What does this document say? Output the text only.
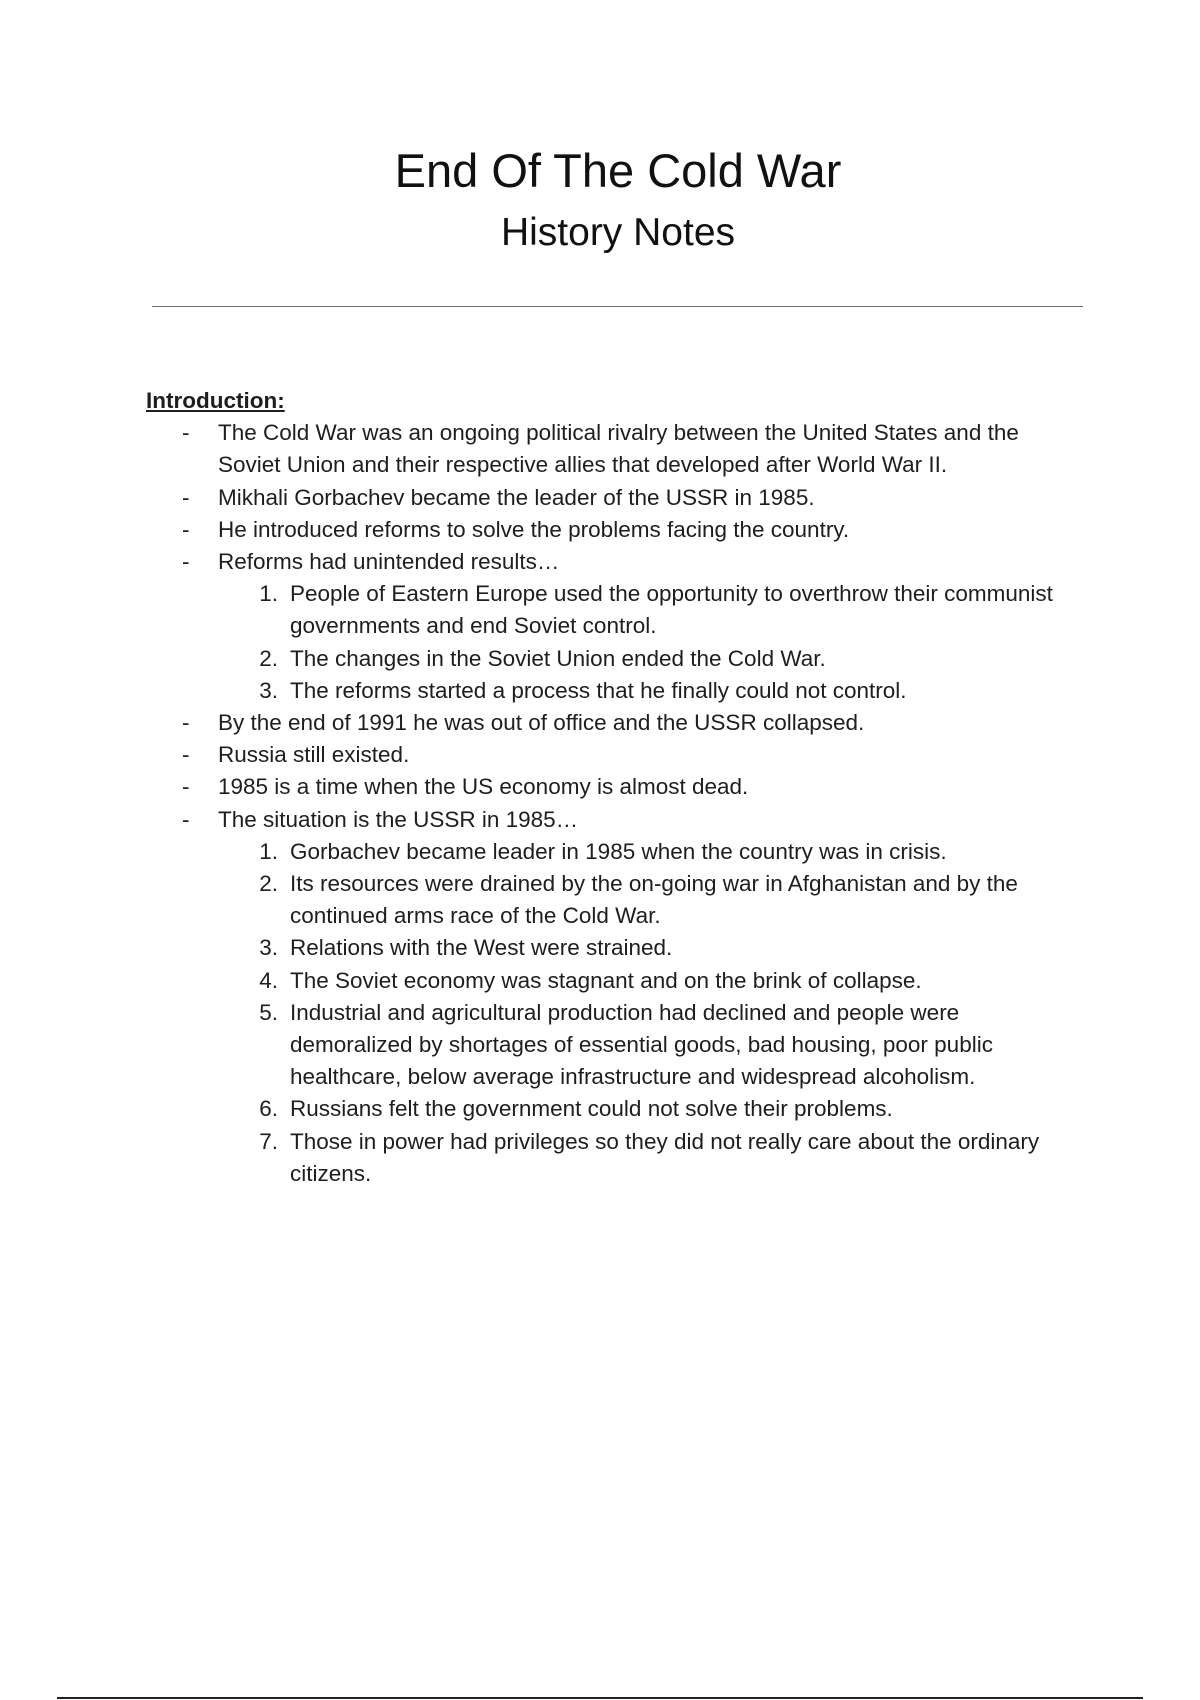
End Of The Cold War
History Notes
Introduction:
- The Cold War was an ongoing political rivalry between the United States and the Soviet Union and their respective allies that developed after World War II.
- Mikhali Gorbachev became the leader of the USSR in 1985.
- He introduced reforms to solve the problems facing the country.
- Reforms had unintended results…
1. People of Eastern Europe used the opportunity to overthrow their communist governments and end Soviet control.
2. The changes in the Soviet Union ended the Cold War.
3. The reforms started a process that he finally could not control.
- By the end of 1991 he was out of office and the USSR collapsed.
- Russia still existed.
- 1985 is a time when the US economy is almost dead.
- The situation is the USSR in 1985…
1. Gorbachev became leader in 1985 when the country was in crisis.
2. Its resources were drained by the on-going war in Afghanistan and by the continued arms race of the Cold War.
3. Relations with the West were strained.
4. The Soviet economy was stagnant and on the brink of collapse.
5. Industrial and agricultural production had declined and people were demoralized by shortages of essential goods, bad housing, poor public healthcare, below average infrastructure and widespread alcoholism.
6. Russians felt the government could not solve their problems.
7. Those in power had privileges so they did not really care about the ordinary citizens.
